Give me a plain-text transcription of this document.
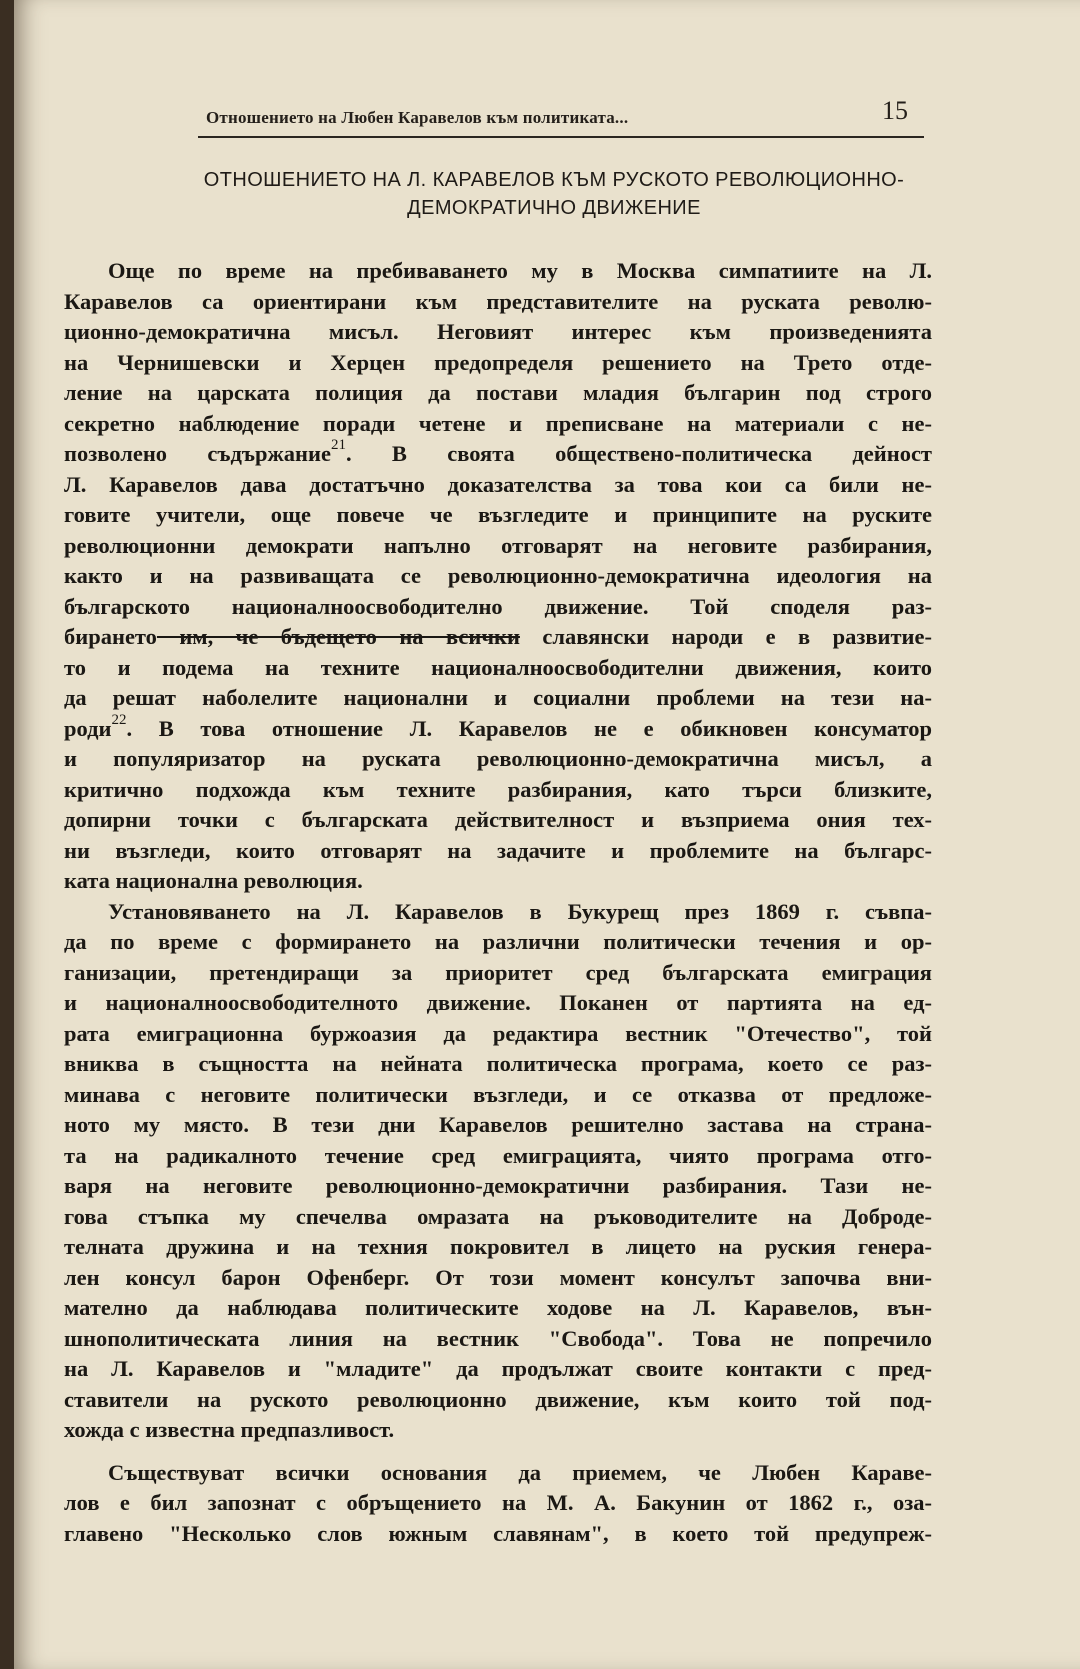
Отношението на Любен Каравелов към политиката...	15
ОТНОШЕНИЕТО НА Л. КАРАВЕЛОВ КЪМ РУСКОТО РЕВОЛЮЦИОННО-
ДЕМОКРАТИЧНО ДВИЖЕНИЕ
Още по време на пребиваването му в Москва симпатиите на Л.
Каравелов са ориентирани към представителите на руската револю-
ционно-демократична мисъл. Неговият интерес към произведенията
на Чернишевски и Херцен предопределя решението на Трето отде-
ление на царската полиция да постави младия българин под строго
секретно наблюдение поради четене и преписване на материали с не-
позволено съдържание$^{21}$. В своята обществено-политическа дейност
Л. Каравелов дава достатъчно доказателства за това кои са били не-
говите учители, още повече че възгледите и принципите на руските
революционни демократи напълно отговарят на неговите разбирания,
както и на развиващата се революционно-демократична идеология на
българското националноосвободително движение. Той споделя раз-
бирането им, че бъдещето на всички славянски народи е в развитие-
то и подема на техните националноосвободителни движения, които
да решат наболелите национални и социални проблеми на тези на-
роди$^{22}$. В това отношение Л. Каравелов не е обикновен консуматор
и популяризатор на руската революционно-демократична мисъл, а
критично подхожда към техните разбирания, като търси близките,
допирни точки с българската действителност и възприема ония тех-
ни възгледи, които отговарят на задачите и проблемите на българс-
ката национална революция.
Установяването на Л. Каравелов в Букурещ през 1869 г. съвпа-
да по време с формирането на различни политически течения и ор-
ганизации, претендиращи за приоритет сред българската емиграция
и националноосвободителното движение. Поканен от партията на ед-
рата емиграционна буржоазия да редактира вестник "Отечество", той
вниква в същността на нейната политическа програма, което се раз-
минава с неговите политически възгледи, и се отказва от предложе-
ното му място. В тези дни Каравелов решително застава на страна-
та на радикалното течение сред емиграцията, чиято програма отго-
варя на неговите революционно-демократични разбирания. Тази не-
гова стъпка му спечелва омразата на ръководителите на Доброде-
телната дружина и на техния покровител в лицето на руския генера-
лен консул барон Офенберг. От този момент консулът започва вни-
мателно да наблюдава политическите ходове на Л. Каравелов, вън-
шнополитическата линия на вестник "Свобода". Това не попречило
на Л. Каравелов и "младите" да продължат своите контакти с пред-
ставители на руското революционно движение, към които той под-
хожда с известна предпазливост.
Съществуват всички основания да приемем, че Любен Карaве-
лов е бил запознат с обръщението на М. А. Бакунин от 1862 г., оза-
главено "Несколько слов южным славянам", в което той предупреж-
